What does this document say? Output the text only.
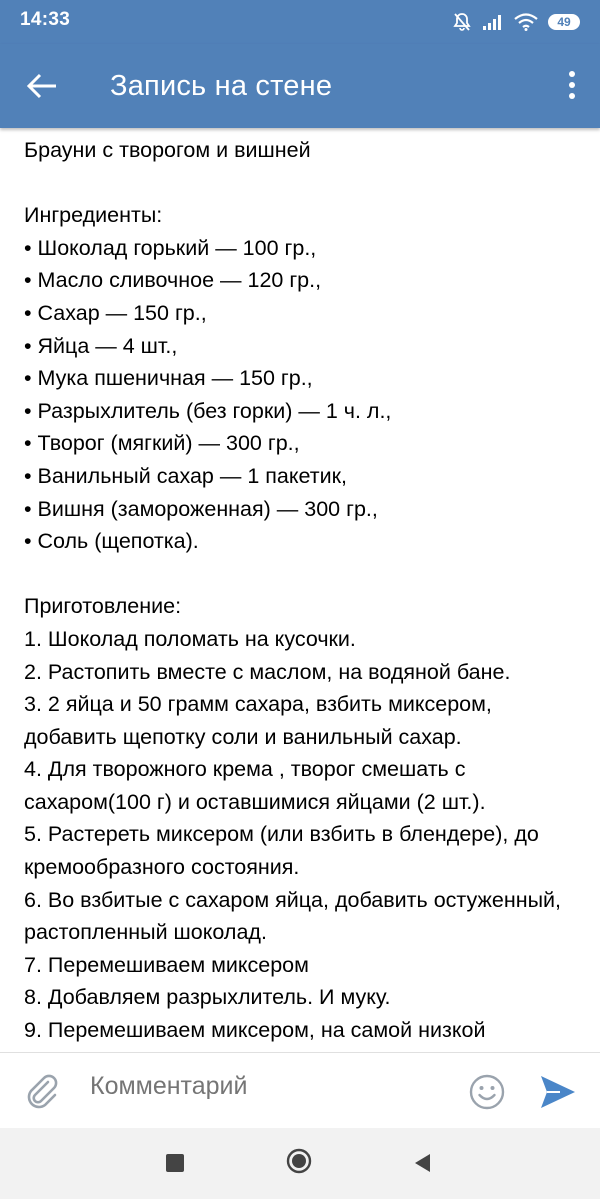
14:33	49
Запись на стене
Брауни с творогом и вишней
Ингредиенты:
• Шоколад горький — 100 гр.,
• Масло сливочное — 120 гр.,
• Сахар — 150 гр.,
• Яйца — 4 шт.,
• Мука пшеничная — 150 гр.,
• Разрыхлитель (без горки) — 1 ч. л.,
• Творог (мягкий) — 300 гр.,
• Ванильный сахар — 1 пакетик,
• Вишня (замороженная) — 300 гр.,
• Соль (щепотка).
Приготовление:
1. Шоколад поломать на кусочки.
2. Растопить вместе с маслом, на водяной бане.
3. 2 яйца и 50 грамм сахара, взбить миксером, добавить щепотку соли и ванильный сахар.
4. Для творожного крема , творог смешать с сахаром(100 г) и оставшимися яйцами (2 шт.).
5. Растереть миксером (или взбить в блендере), до кремообразного состояния.
6. Во взбитые с сахаром яйца, добавить остуженный, растопленный шоколад.
7. Перемешиваем миксером
8. Добавляем разрыхлитель. И муку.
9. Перемешиваем миксером, на самой низкой
Комментарий
